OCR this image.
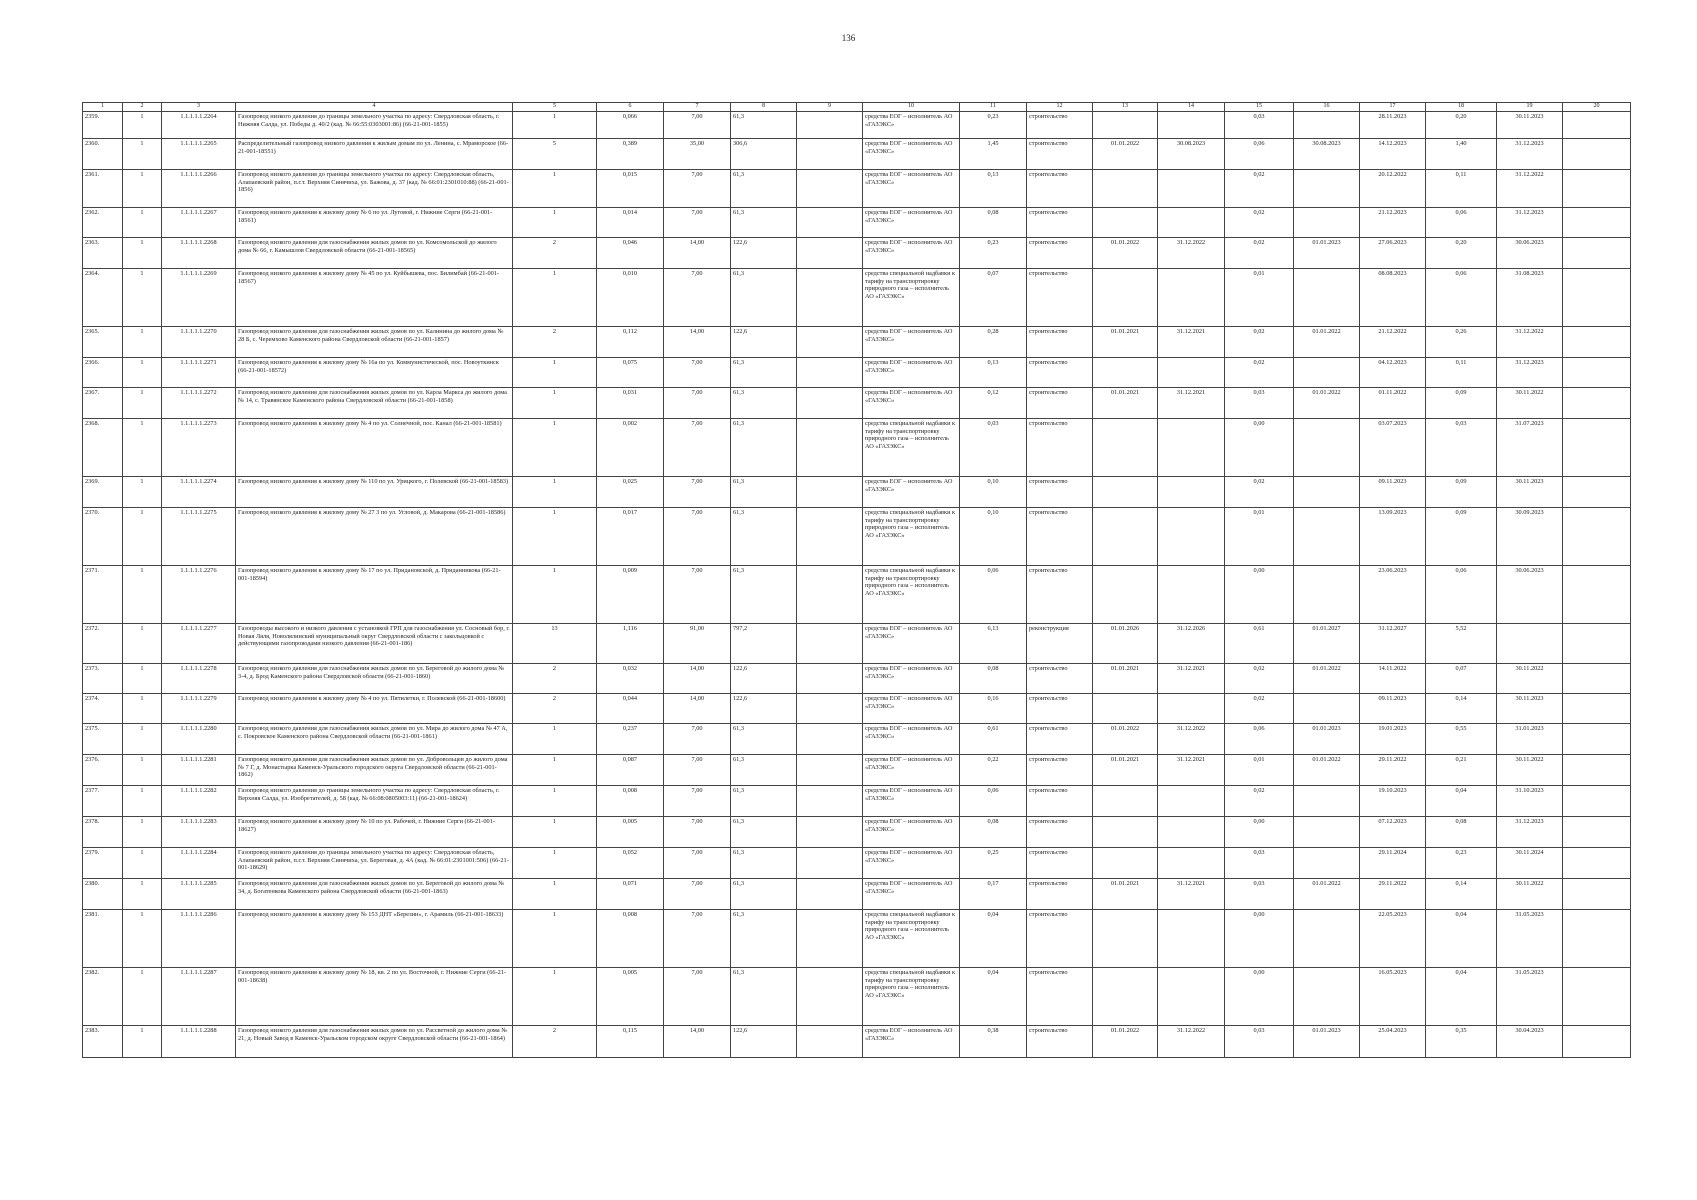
136
1	2	3	4	5	6	7	8	9	10	11	12	13	14	15	16	17	18	19	20
2359.	1	1.1.1.1.1.2264	Газопровод низкого давления до границы земельного участка по адресу: Свердловская область, г. Нижняя Салда, ул. Победы д. 40/2 (кад. № 66:55:0303001:86) (66-21-001-1855)	1	0,066	7,00	61,3		средства ЕОГ – исполнитель АО «ГАЗЭКС»	0,23	строительство			0,03		28.11.2023	0,20	30.11.2023	
2360.	1	1.1.1.1.1.2265	Распределительный газопровод низкого давления к жилым домам по ул. Ленина, с. Мраморское (66-21-001-18551)	5	0,389	35,00	306,6		средства ЕОГ – исполнитель АО «ГАЗЭКС»	1,45	строительство	01.01.2022	30.08.2023	0,06	30.08.2023	14.12.2023	1,40	31.12.2023	
2361.	1	1.1.1.1.1.2266	Газопровод низкого давления до границы земельного участка по адресу: Свердловская область, Алапаевский район, п.г.т. Верхняя Синячиха, ул. Бажова, д. 37 (кад. № 66:01:2301010:88) (66-21-001-1856)	1	0,015	7,00	61,3		средства ЕОГ – исполнитель АО «ГАЗЭКС»	0,13	строительство			0,02		20.12.2022	0,11	31.12.2022	
2362.	1	1.1.1.1.1.2267	Газопровод низкого давления к жилому дому № 6 по ул. Луговой, г. Нижние Серги (66-21-001-18561)	1	0,014	7,00	61,3		средства ЕОГ – исполнитель АО «ГАЗЭКС»	0,08	строительство			0,02		21.12.2023	0,06	31.12.2023	
2363.	1	1.1.1.1.1.2268	Газопровод низкого давления для газоснабжения жилых домов по ул. Комсомольской до жилого дома № 66, г. Камышлов Свердловской области (66-21-001-18565)	2	0,046	14,00	122,6		средства ЕОГ – исполнитель АО «ГАЗЭКС»	0,23	строительство	01.01.2022	31.12.2022	0,02	01.01.2023	27.06.2023	0,20	30.06.2023	
2364.	1	1.1.1.1.1.2269	Газопровод низкого давления к жилому дому № 45 по ул. Куйбышева, пос. Билимбай (66-21-001-18567)	1	0,010	7,00	61,3		средства специальной надбавки к тарифу на транспортировку природного газа – исполнитель АО «ГАЗЭКС»	0,07	строительство			0,01		08.08.2023	0,06	31.08.2023	
2365.	1	1.1.1.1.1.2270	Газопровод низкого давления для газоснабжения жилых домов по ул. Калинина до жилого дома № 28 Б, с. Черемхово Каменского района Свердловской области (66-21-001-1857)	2	0,112	14,00	122,6		средства ЕОГ – исполнитель АО «ГАЗЭКС»	0,28	строительство	01.01.2021	31.12.2021	0,02	01.01.2022	21.12.2022	0,26	31.12.2022	
2366.	1	1.1.1.1.1.2271	Газопровод низкого давления к жилому дому № 16а по ул. Коммунистической, пос. Новоуткинск (66-21-001-18572)	1	0,075	7,00	61,3		средства ЕОГ – исполнитель АО «ГАЗЭКС»	0,13	строительство			0,02		04.12.2023	0,11	31.12.2023	
2367.	1	1.1.1.1.1.2272	Газопровод низкого давления для газоснабжения жилых домов по ул. Карла Маркса до жилого дома № 14, с. Травянское Каменского района Свердловской области (66-21-001-1858)	1	0,031	7,00	61,3		средства ЕОГ – исполнитель АО «ГАЗЭКС»	0,12	строительство	01.01.2021	31.12.2021	0,03	01.01.2022	01.11.2022	0,09	30.11.2022	
2368.	1	1.1.1.1.1.2273	Газопровод низкого давления к жилому дому № 4 по ул. Солнечной, пос. Канал (66-21-001-18581)	1	0,002	7,00	61,3		средства специальной надбавки к тарифу на транспортировку природного газа – исполнитель АО «ГАЗЭКС»	0,03	строительство			0,00		03.07.2023	0,03	31.07.2023	
2369.	1	1.1.1.1.1.2274	Газопровод низкого давления к жилому дому № 110 по ул. Урицкого, г. Полевской (66-21-001-18583)	1	0,025	7,00	61,3		средства ЕОГ – исполнитель АО «ГАЗЭКС»	0,10	строительство			0,02		09.11.2023	0,09	30.11.2023	
2370.	1	1.1.1.1.1.2275	Газопровод низкого давления к жилому дому № 27 3 по ул. Угловой, д. Макарова (66-21-001-18586)	1	0,017	7,00	61,3		средства специальной надбавки к тарифу на транспортировку природного газа – исполнитель АО «ГАЗЭКС»	0,10	строительство			0,01		13.09.2023	0,09	30.09.2023	
2371.	1	1.1.1.1.1.2276	Газопровод низкого давления к жилому дому № 17 по ул. Придановской, д. Приданникова (66-21-001-18594)	1	0,009	7,00	61,3		средства специальной надбавки к тарифу на транспортировку природного газа – исполнитель АО «ГАЗЭКС»	0,06	строительство			0,00		23.06.2023	0,06	30.06.2023	
2372.	1	1.1.1.1.1.2277	Газопроводы высокого и низкого давления с установкой ГРП для газоснабжения ул. Сосновый бор, г. Новая Ляля, Новолялинский муниципальный округ Свердловской области с закольцовкой с действующими газопроводами низкого давления (66-21-001-186)	13	1,116	91,00	797,2		средства ЕОГ – исполнитель АО «ГАЗЭКС»	6,13	реконструкция	01.01.2026	31.12.2026	0,61	01.01.2027	31.12.2027	5,52		
2373.	1	1.1.1.1.1.2278	Газопровод низкого давления для газоснабжения жилых домов по ул. Береговой до жилого дома № 3-4, д. Брод Каменского района Свердловской области (66-21-001-1860)	2	0,032	14,00	122,6		средства ЕОГ – исполнитель АО «ГАЗЭКС»	0,08	строительство	01.01.2021	31.12.2021	0,02	01.01.2022	14.11.2022	0,07	30.11.2022	
2374.	1	1.1.1.1.1.2279	Газопровод низкого давления к жилому дому № 4 по ул. Пятилетки, г. Полевской (66-21-001-18600)	2	0,044	14,00	122,6		средства ЕОГ – исполнитель АО «ГАЗЭКС»	0,16	строительство			0,02		09.11.2023	0,14	30.11.2023	
2375.	1	1.1.1.1.1.2280	Газопровод низкого давления для газоснабжения жилых домов по ул. Мира до жилого дома № 47 А, с. Покровское Каменского района Свердловской области (66-21-001-1861)	1	0,237	7,00	61,3		средства ЕОГ – исполнитель АО «ГАЗЭКС»	0,61	строительство	01.01.2022	31.12.2022	0,06	01.01.2023	19.01.2023	0,55	31.01.2023	
2376.	1	1.1.1.1.1.2281	Газопровод низкого давления для газоснабжения жилых домов по ул. Добровольцев до жилого дома № 7 Г, д. Монастырка Каменск-Уральского городского округа Свердловской области (66-21-001-1862)	1	0,087	7,00	61,3		средства ЕОГ – исполнитель АО «ГАЗЭКС»	0,22	строительство	01.01.2021	31.12.2021	0,01	01.01.2022	29.11.2022	0,21	30.11.2022	
2377.	1	1.1.1.1.1.2282	Газопровод низкого давления до границы земельного участка по адресу: Свердловская область, г. Верхняя Салда, ул. Изобретателей, д. 58 (кад. № 66:08:0805003:11) (66-21-001-18624)	1	0,008	7,00	61,3		средства ЕОГ – исполнитель АО «ГАЗЭКС»	0,06	строительство			0,02		19.10.2023	0,04	31.10.2023	
2378.	1	1.1.1.1.1.2283	Газопровод низкого давления к жилому дому № 10 по ул. Рабочей, г. Нижние Серги (66-21-001-18627)	1	0,005	7,00	61,3		средства ЕОГ – исполнитель АО «ГАЗЭКС»	0,08	строительство			0,00		07.12.2023	0,08	31.12.2023	
2379.	1	1.1.1.1.1.2284	Газопровод низкого давления до границы земельного участка по адресу: Свердловская область, Алапаевский район, п.г.т. Верхняя Синячиха, ул. Береговая, д. 4А (кад. № 66:01:2301001:506) (66-21-001-18629)	1	0,052	7,00	61,3		средства ЕОГ – исполнитель АО «ГАЗЭКС»	0,25	строительство			0,03		29.11.2024	0,23	30.11.2024	
2380.	1	1.1.1.1.1.2285	Газопровод низкого давления для газоснабжения жилых домов по ул. Береговой до жилого дома № 34, д. Богатенкова Каменского района Свердловской области (66-21-001-1863)	1	0,071	7,00	61,3		средства ЕОГ – исполнитель АО «ГАЗЭКС»	0,17	строительство	01.01.2021	31.12.2021	0,03	01.01.2022	29.11.2022	0,14	30.11.2022	
2381.	1	1.1.1.1.1.2286	Газопровод низкого давления к жилому дому № 153 ДНТ «Березин», г. Арамиль (66-21-001-18633)	1	0,008	7,00	61,3		средства специальной надбавки к тарифу на транспортировку природного газа – исполнитель АО «ГАЗЭКС»	0,04	строительство			0,00		22.05.2023	0,04	31.05.2023	
2382.	1	1.1.1.1.1.2287	Газопровод низкого давления к жилому дому № 18, кв. 2 по ул. Восточной, г. Нижние Серги (66-21-001-18638)	1	0,005	7,00	61,3		средства специальной надбавки к тарифу на транспортировку природного газа – исполнитель АО «ГАЗЭКС»	0,04	строительство			0,00		16.05.2023	0,04	31.05.2023	
2383.	1	1.1.1.1.1.2288	Газопровод низкого давления для газоснабжения жилых домов по ул. Рассветной до жилого дома № 21, д. Новый Завод в Каменск-Уральском городском округе Свердловской области (66-21-001-1864)	2	0,115	14,00	122,6		средства ЕОГ – исполнитель АО «ГАЗЭКС»	0,38	строительство	01.01.2022	31.12.2022	0,03	01.01.2023	25.04.2023	0,35	30.04.2023	
